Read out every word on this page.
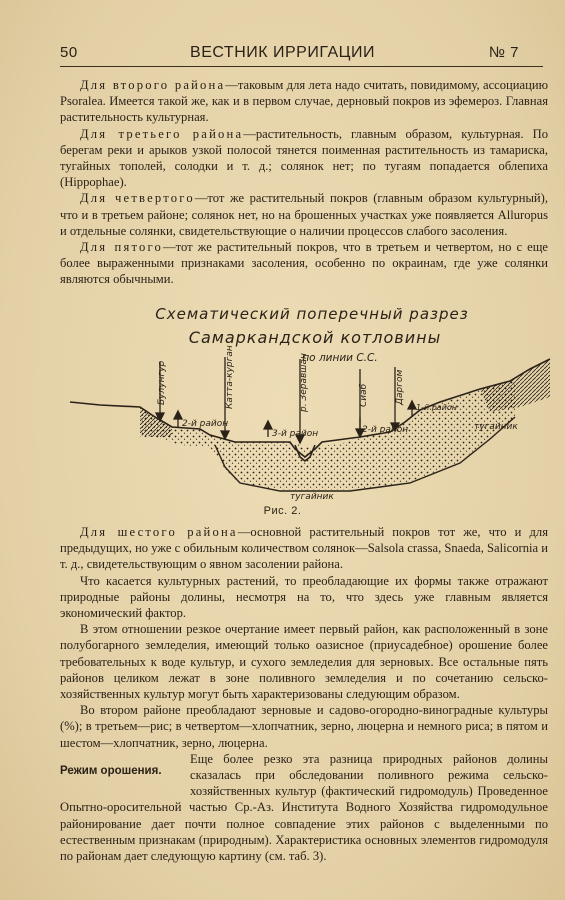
50	ВЕСТНИК ИРРИГАЦИИ	№ 7

Для второго района—таковым для лета надо считать, повидимому, ассоциацию Psoralea. Имеется такой же, как и в первом случае, дерновый покров из эфемероз. Главная растительность культурная.

Для третьего района—растительность, главным образом, культурная. По берегам реки и арыков узкой полосой тянется поименная растительность из тамариска, тугайных тополей, солодки и т. д.; солянок нет; по тугаям попадается облепиха (Hippophae).

Для четвертого—тот же растительный покров (главным образом культурный), что и в третьем районе; солянок нет, но на брошенных участках уже появляется Allurорus и отдельные солянки, свидетельствующие о наличии процессов слабого засоления.

Для пятого—тот же растительный покров, что в третьем и четвертом, но с еще более выраженными признаками засоления, особенно по окраинам, где уже солянки являются обычными.

Схематический поперечный разрез
Самаркандской котловины
по линии С.С.
Булунгур	Катта-курган	р. Зеравшан	Сиаб	Даргом
2-й район
3-й район	2-й район
1-й район
тугайник
тугайник
Рис. 2.

Для шестого района—основной растительный покров тот же, что и для предыдущих, но уже с обильным количеством солянок—Salsola crassa, Snaeda, Salicornia и т. д., свидетельствующим о явном засолении района.

Что касается культурных растений, то преобладающие их формы также отражают природные районы долины, несмотря на то, что здесь уже главным является экономический фактор.

В этом отношении резкое очертание имеет первый район, как расположенный в зоне полубогарного земледелия, имеющий только оазисное (приусадебное) орошение более требовательных к воде культур, и сухого земледелия для зерновых. Все остальные пять районов целиком лежат в зоне поливного земледелия и по сочетанию сельско-хозяйственных культур могут быть характеризованы следующим образом.

Во втором районе преобладают зерновые и садово-огородно-виноградные культуры (%); в третьем—рис; в четвертом—хлопчатник, зерно, люцерна и немного риса; в пятом и шестом—хлопчатник, зерно, люцерна.

Режим орошения.
Еще более резко эта разница природных районов долины сказалась при обследовании поливного режима сельско-хозяйственных культур (фактический гидромодуль) Проведенное Опытно-оросительной частью Ср.-Аз. Института Водного Хозяйства гидромодульное районирование дает почти полное совпадение этих районов с выделенными по естественным признакам (природным). Характеристика основных элементов гидромодуля по районам дает следующую картину (см. таб. 3).
